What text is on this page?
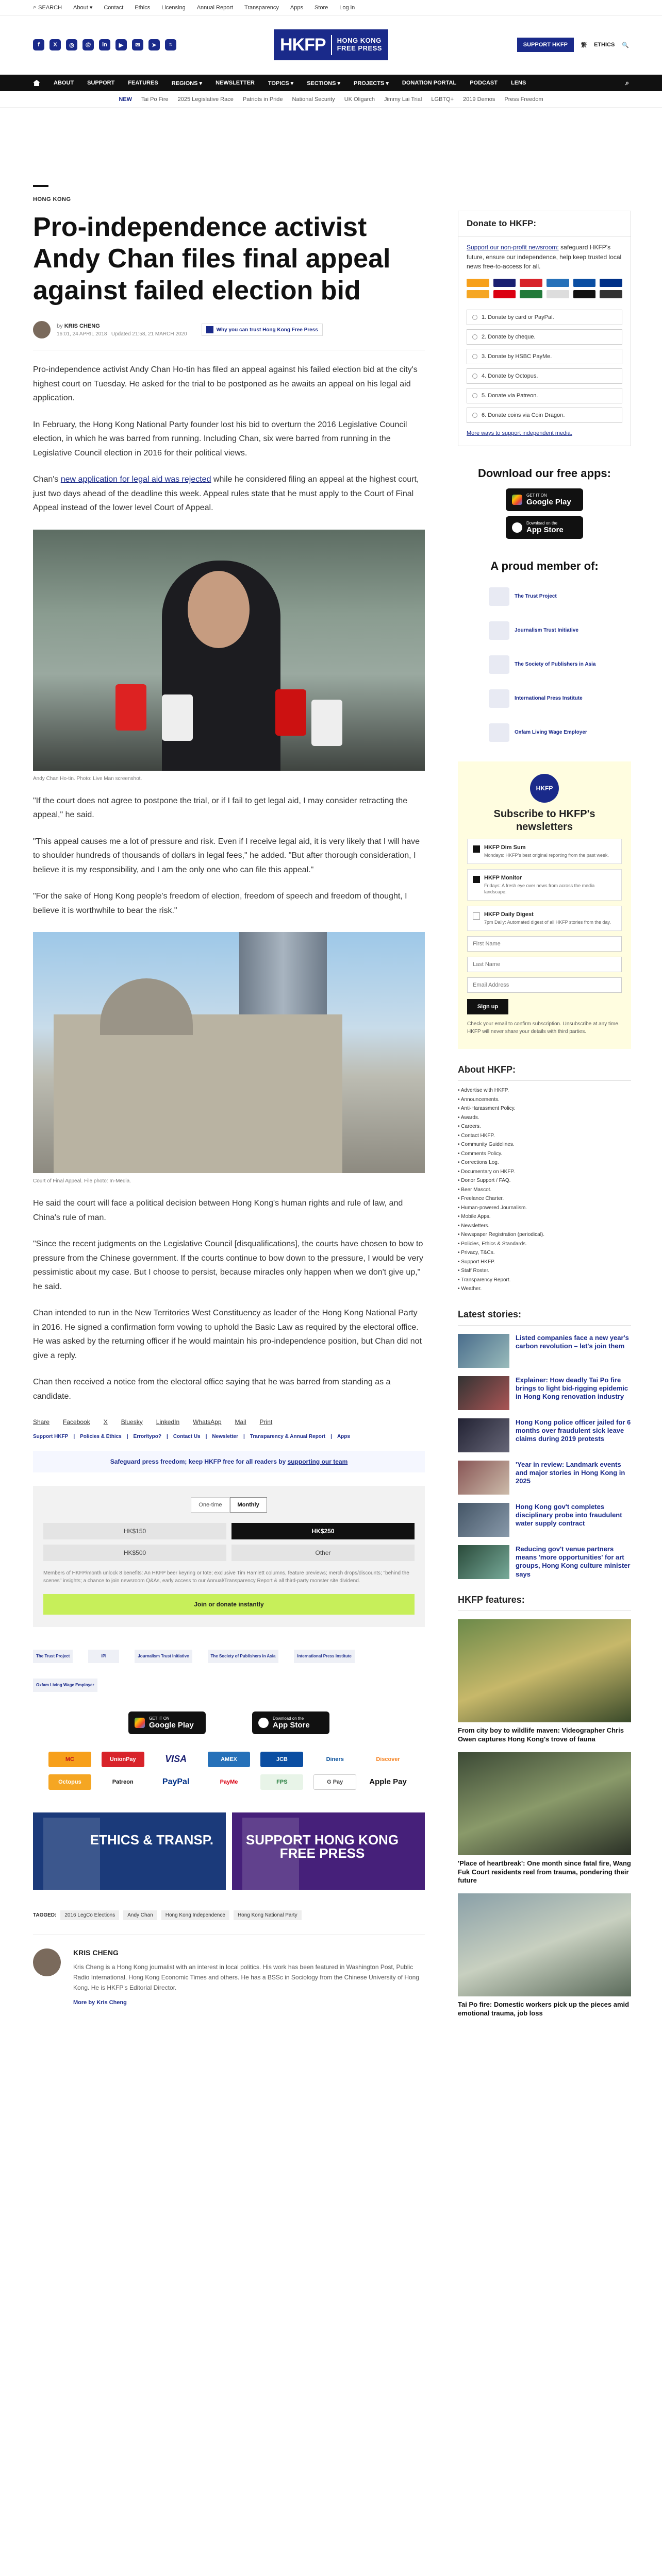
⌕ SEARCH About ▾ Contact Ethics Licensing Annual Report Transparency Apps Store Log in
f	X	◎	@	in	▶	✉	➤	≈	HKFP	HONG KONG
FREE PRESS	SUPPORT HKFP	繁 ETHICS 🔍
ABOUT SUPPORT FEATURES REGIONS ▾ NEWSLETTER TOPICS ▾ SECTIONS ▾ PROJECTS ▾ DONATION PORTAL PODCAST LENS	⌕
NEW Tai Po Fire 2025 Legislative Race Patriots in Pride National Security UK Oligarch Jimmy Lai Trial LGBTQ+ 2019 Demos Press Freedom
HONG KONG
Pro-independence activist Andy Chan files final appeal against failed election bid
by KRIS CHENG
16:01, 24 APRIL 2018 Updated 21:58, 21 MARCH 2020
Why you can trust Hong Kong Free Press

Pro-independence activist Andy Chan Ho-tin has filed an appeal against his failed election bid at the city's highest court on Tuesday. He asked for the trial to be postponed as he awaits an appeal on his legal aid application.

In February, the Hong Kong National Party founder lost his bid to overturn the 2016 Legislative Council election, in which he was barred from running. Including Chan, six were barred from running in the Legislative Council election in 2016 for their political views.

Chan's new application for legal aid was rejected while he considered filing an appeal at the highest court, just two days ahead of the deadline this week. Appeal rules state that he must apply to the Court of Final Appeal instead of the lower level Court of Appeal.

Andy Chan Ho-tin. Photo: Live Man screenshot.

"If the court does not agree to postpone the trial, or if I fail to get legal aid, I may consider retracting the appeal," he said.

"This appeal causes me a lot of pressure and risk. Even if I receive legal aid, it is very likely that I will have to shoulder hundreds of thousands of dollars in legal fees," he added. "But after thorough consideration, I believe it is my responsibility, and I am the only one who can file this appeal."

"For the sake of Hong Kong people's freedom of election, freedom of speech and freedom of thought, I believe it is worthwhile to bear the risk."

Court of Final Appeal. File photo: In-Media.

He said the court will face a political decision between Hong Kong's human rights and rule of law, and China's rule of man.

"Since the recent judgments on the Legislative Council [disqualifications], the courts have chosen to bow to pressure from the Chinese government. If the courts continue to bow down to the pressure, I would be very pessimistic about my case. But I choose to persist, because miracles only happen when we don't give up," he said.

Chan intended to run in the New Territories West Constituency as leader of the Hong Kong National Party in 2016. He signed a confirmation form vowing to uphold the Basic Law as required by the electoral office. He was asked by the returning officer if he would maintain his pro-independence position, but Chan did not give a reply.

Chan then received a notice from the electoral office saying that he was barred from standing as a candidate.

Share Facebook X Bluesky LinkedIn WhatsApp Mail Print
Support HKFP | Policies & Ethics | Error/typo? | Contact Us | Newsletter | Transparency & Annual Report | Apps
Safeguard press freedom; keep HKFP free for all readers by supporting our team
One-time	Monthly
HK$150	HK$250
HK$500	Other
Members of HKFP/month unlock 8 benefits: An HKFP beer keyring or tote; exclusive Tim Hamlett columns, feature previews; merch drops/discounts; "behind the scenes" insights; a chance to join newsroom Q&As, early access to our Annual/Transparency Report & all third-party monster site dividend.
Join or donate instantly
The Trust Project	IPI	Journalism Trust Initiative	The Society of Publishers in Asia	International Press Institute
Oxfam Living Wage Employer
GET IT ON
Google Play
Download on the
App Store
MC	UnionPay	VISA	AMEX	JCB	Diners	Discover
Octopus	Patreon	PayPal	PayMe	FPS	G Pay	Apple Pay
ETHICS & TRANSP.	SUPPORT HONG KONG FREE PRESS
TAGGED:	2016 LegCo Elections	Andy Chan	Hong Kong Independence	Hong Kong National Party
KRIS CHENG
Kris Cheng is a Hong Kong journalist with an interest in local politics. His work has been featured in Washington Post, Public Radio International, Hong Kong Economic Times and others. He has a BSSc in Sociology from the Chinese University of Hong Kong. He is HKFP's Editorial Director.
More by Kris Cheng
Donate to HKFP:
Support our non-profit newsroom: safeguard HKFP's future, ensure our independence, help keep trusted local news free-to-access for all.
1. Donate by card or PayPal.
2. Donate by cheque.
3. Donate by HSBC PayMe.
4. Donate by Octopus.
5. Donate via Patreon.
6. Donate coins via Coin Dragon.
More ways to support independent media.
Download our free apps:
GET IT ON
Google Play
Download on the
App Store
A proud member of:
The Trust Project
Journalism Trust Initiative
The Society of Publishers in Asia
International Press Institute
Oxfam Living Wage Employer
HKFP
Subscribe to HKFP's newsletters
HKFP Dim Sum
Mondays: HKFP's best original reporting from the past week.
HKFP Monitor
Fridays: A fresh eye over news from across the media landscape.
HKFP Daily Digest
7pm Daily: Automated digest of all HKFP stories from the day.
First Name Last Name Email Address
Sign up
Check your email to confirm subscription. Unsubscribe at any time. HKFP will never share your details with third parties.
About HKFP:
• Advertise with HKFP.
• Announcements.
• Anti-Harassment Policy.
• Awards.
• Careers.
• Contact HKFP.
• Community Guidelines.
• Comments Policy.
• Corrections Log.
• Documentary on HKFP.
• Donor Support / FAQ.
• Beer Mascot.
• Freelance Charter.
• Human-powered Journalism.
• Mobile Apps.
• Newsletters.
• Newspaper Registration (periodical).
• Policies, Ethics & Standards.
• Privacy, T&Cs.
• Support HKFP.
• Staff Roster.
• Transparency Report.
• Weather.
Latest stories:
Listed companies face a new year's carbon revolution – let's join them
Explainer: How deadly Tai Po fire brings to light bid-rigging epidemic in Hong Kong renovation industry
Hong Kong police officer jailed for 6 months over fraudulent sick leave claims during 2019 protests
'Year in review: Landmark events and major stories in Hong Kong in 2025
Hong Kong gov't completes disciplinary probe into fraudulent water supply contract
Reducing gov't venue partners means 'more opportunities' for art groups, Hong Kong culture minister says
HKFP features:
From city boy to wildlife maven: Videographer Chris Owen captures Hong Kong's trove of fauna
'Place of heartbreak': One month since fatal fire, Wang Fuk Court residents reel from trauma, pondering their future
Tai Po fire: Domestic workers pick up the pieces amid emotional trauma, job loss
